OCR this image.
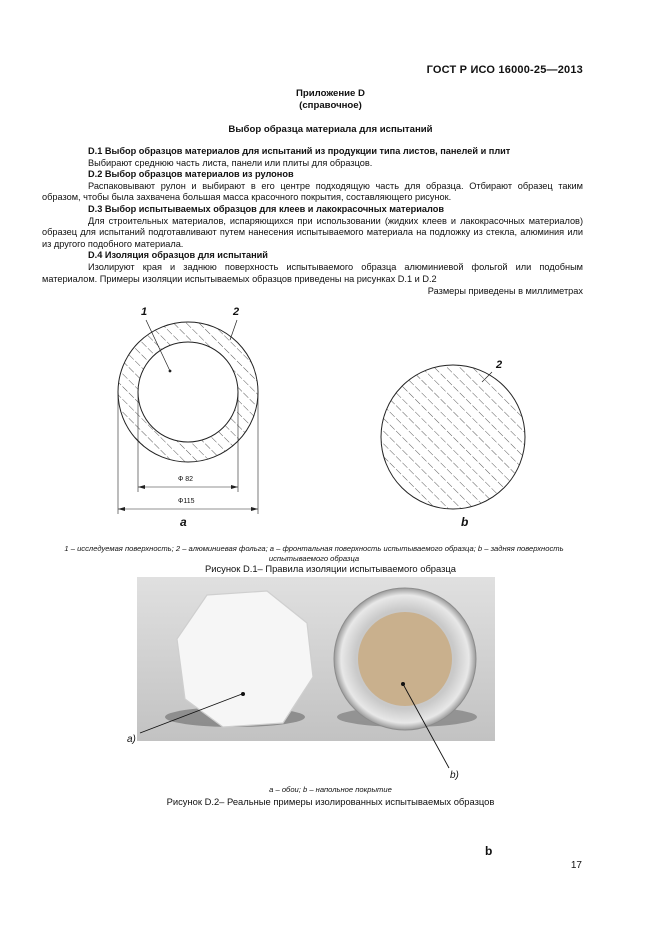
ГОСТ Р ИСО 16000-25—2013
Приложение D
(справочное)
Выбор образца материала для испытаний
D.1 Выбор образцов материалов для испытаний из продукции типа листов, панелей и плит
Выбирают среднюю часть листа, панели или плиты для образцов.
D.2 Выбор образцов материалов из рулонов
Распаковывают рулон и выбирают в его центре подходящую часть для образца. Отбирают образец таким образом, чтобы была захвачена большая масса красочного покрытия, составляющего рисунок.
D.3 Выбор испытываемых образцов для клеев и лакокрасочных материалов
Для строительных материалов, испаряющихся при использовании (жидких клеев и лакокрасочных материалов) образец для испытаний подготавливают путем нанесения испытываемого материала на подложку из стекла, алюминия или из другого подобного материала.
D.4 Изоляция образцов для испытаний
Изолируют края и заднюю поверхность испытываемого образца алюминиевой фольгой или подобным материалом. Примеры изоляции испытываемых образцов приведены на рисунках D.1 и D.2
Размеры приведены в миллиметрах
1	2
2
Ф 82
Ф115
a	b
1 – исследуемая поверхность; 2 – алюминиевая фольга; a – фронтальная поверхность испытываемого образца; b – задняя поверхность испытываемого образца
Рисунок D.1– Правила изоляции испытываемого образца
a)
b)
a – обои; b – напольное покрытие
Рисунок D.2– Реальные примеры изолированных испытываемых образцов
b
17
